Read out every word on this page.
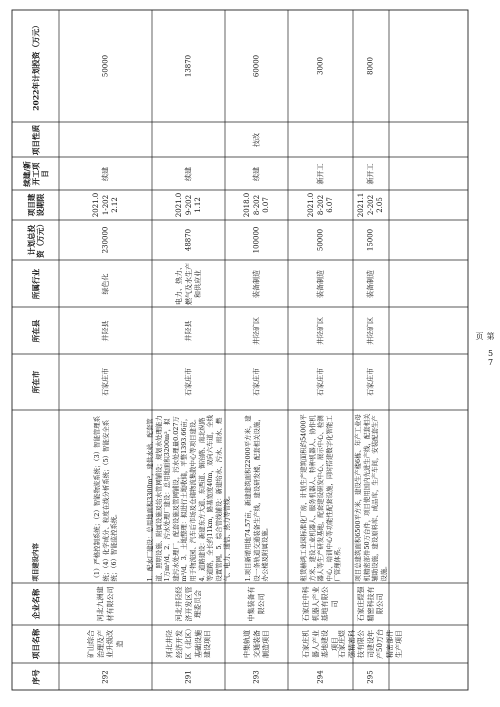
序号
项目名称
企业名称
项目建设内容
所在市
所在县
所属行业
计划总投资（万元）
项目建设期限
续建/新开工项目
项目性质
2022年计划投资（万元）
292
矿山综合治理及产业升级改造
河北九洲建材有限公司
（1）严格控制系统；（2）智能物流系统；（3）智能管理系统；（4）化学成分、粒度在线分析系统；（5）智能安全系统；（6）智能监控系统。
石家庄市
井陉县
绿色化
230000
2021.01-2022.12
续建
50000
291
河北井陉经济开发区（北区）基础设施建设项目
河北井陉经济开发区管理委员会
1．配水厂建设：总用地面积3300m²，建供水站、配套管道、照明设施、附属设施及给水管网铺设；规划水处理能力1万m³/d。2．污水处理厂建设：总用地面积3200m²，拟建污水处理厂，配套设施及管网铺设，污水处理量0.027万m³/d。3．土地整理：拟进行土地收储，平整1393.66亩，用于物流园、汽车后市场及仓储物流集散中心等项目建设。4．道路建设：新建东方大道、东西道、铜冶路、南北纵路等道路，全长约11km，路基宽度40m，双向六车道，全线设置管网。5．综合管线铺设：新建给水、污水、雨水、燃气、电力、通信、热力等管线。
石家庄市
井陉县
电力、热力、燃气及水生产和供应业
48870
2021.09-2021.12
续建
13870
293
中集轨道交通装备制造项目
中集装备有限公司
1.项目新增用地74.57亩，新建建筑面积22000平方米，建设一条轨道交通装备生产线，建设研发楼，配套相关设施，办公楼及附属设施。
石家庄市
井陉矿区
装备制造
100000
2018.08-2020.07
续建
技改
60000
294
石家庄机器人产业基地建设项目
石家庄中科机器人产业基地有限公司
租赁赫鸿工业园标准化厂房，计划生产建筑面积约54000平方米，建设工业机器人、服务机器人、特种机器人、协作机器人等生产研发基地，配套建设研发中心、展示中心、检测中心、培训中心等功能性配套设施，同时搭建数字化智能工厂管理体系。
石家庄市
井陉矿区
装备制造
50000
2021.08-2026.07
新开工
3000
295
石家庄煜强精密科技有限公司建设年产50万台精密部件生产项目
石家庄煜强精密科技有限公司
项目总建筑面积6500平方米，建设生产楼6栋、年产工业母机精密部件50万台件，项目使用国内先进生产线，配套相关辅助设施，建设原料库、成品库，生产车间，安装配套生产设施。
石家庄市
井陉矿区
装备制造
15000
2021.12-2022.05
新开工
8000
第 57 页
